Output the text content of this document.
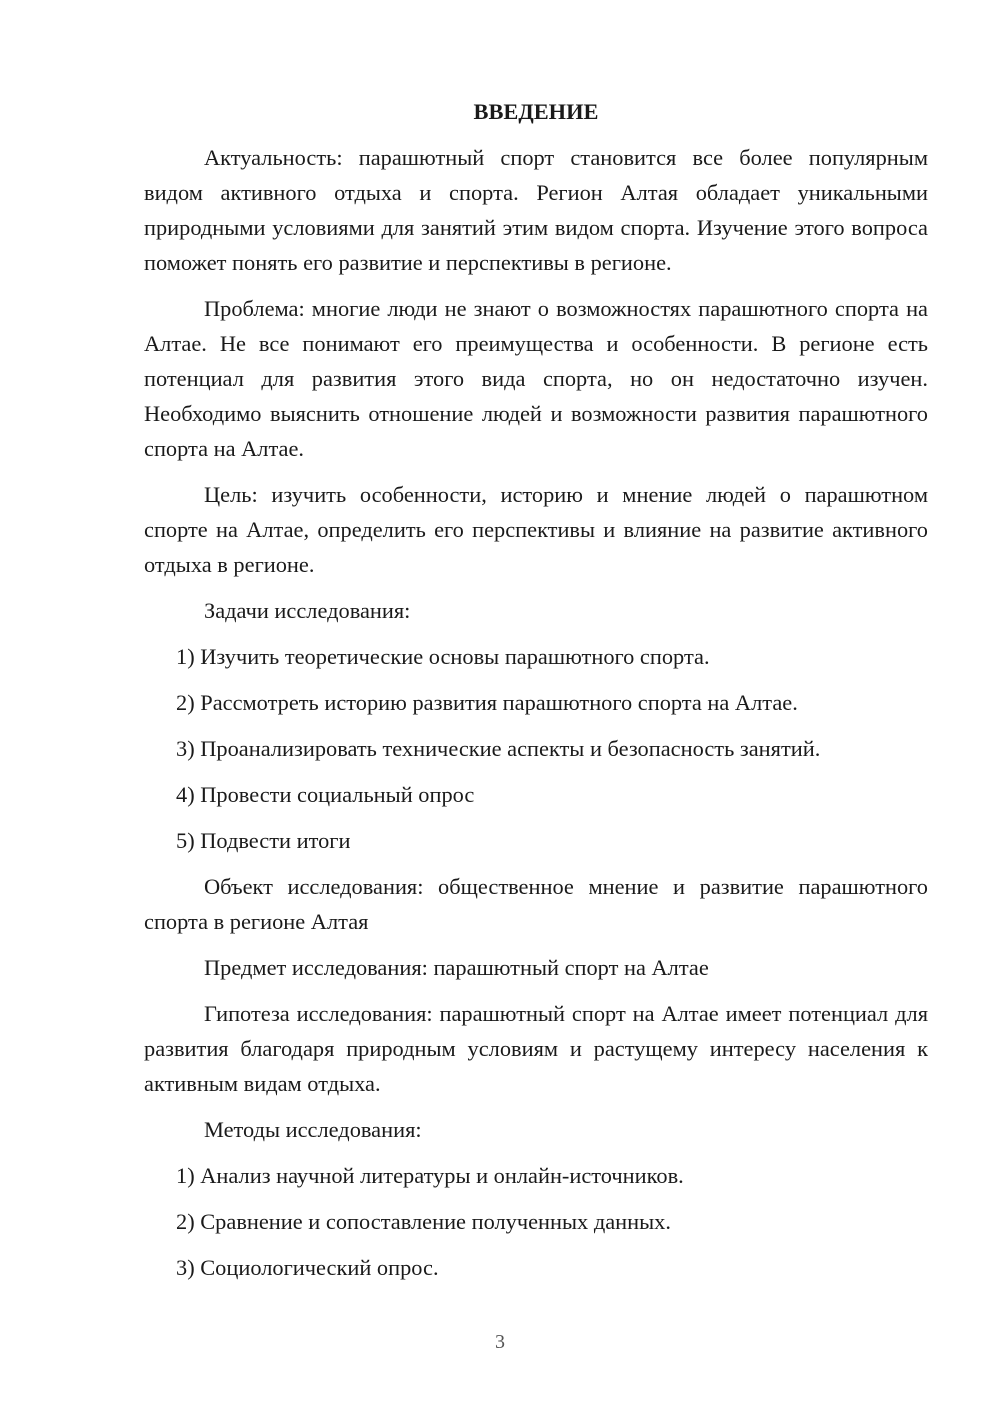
ВВЕДЕНИЕ
Актуальность: парашютный спорт становится все более популярным видом активного отдыха и спорта. Регион Алтая обладает уникальными природными условиями для занятий этим видом спорта. Изучение этого вопроса поможет понять его развитие и перспективы в регионе.
Проблема: многие люди не знают о возможностях парашютного спорта на Алтае. Не все понимают его преимущества и особенности. В регионе есть потенциал для развития этого вида спорта, но он недостаточно изучен. Необходимо выяснить отношение людей и возможности развития парашютного спорта на Алтае.
Цель: изучить особенности, историю и мнение людей о парашютном спорте на Алтае, определить его перспективы и влияние на развитие активного отдыха в регионе.
Задачи исследования:
1) Изучить теоретические основы парашютного спорта.
2) Рассмотреть историю развития парашютного спорта на Алтае.
3) Проанализировать технические аспекты и безопасность занятий.
4) Провести социальный опрос
5) Подвести итоги
Объект исследования: общественное мнение и развитие парашютного спорта в регионе Алтая
Предмет исследования: парашютный спорт на Алтае
Гипотеза исследования: парашютный спорт на Алтае имеет потенциал для развития благодаря природным условиям и растущему интересу населения к активным видам отдыха.
Методы исследования:
1) Анализ научной литературы и онлайн-источников.
2) Сравнение и сопоставление полученных данных.
3) Социологический опрос.
3
